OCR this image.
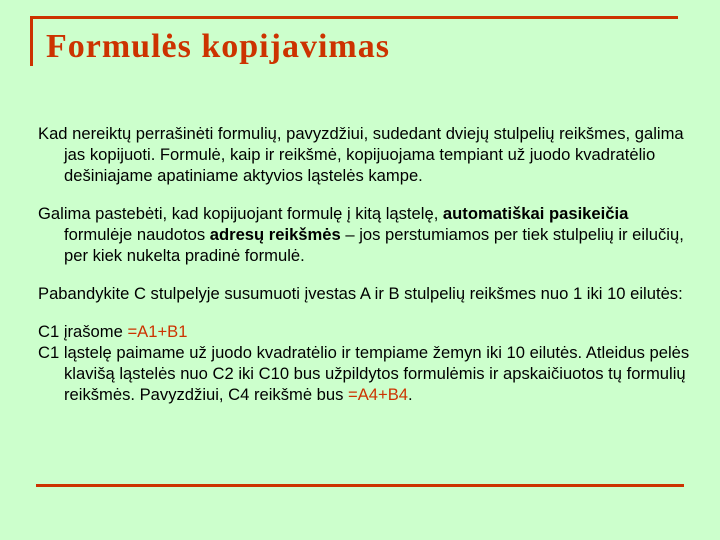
Formulės kopijavimas

Kad nereiktų perrašinėti formulių, pavyzdžiui, sudedant dviejų stulpelių reikšmes, galima jas kopijuoti. Formulė, kaip ir reikšmė, kopijuojama tempiant už juodo kvadratėlio dešiniajame apatiniame aktyvios ląstelės kampe.

Galima pastebėti, kad kopijuojant formulę į kitą ląstelę, automatiškai pasikeičia formulėje naudotos adresų reikšmės – jos perstumiamos per tiek stulpelių ir eilučių, per kiek nukelta pradinė formulė.

Pabandykite C stulpelyje susumuoti įvestas A ir B stulpelių reikšmes nuo 1 iki 10 eilutės:

C1 įrašome =A1+B1

C1 ląstelę paimame už juodo kvadratėlio ir tempiame žemyn iki 10 eilutės. Atleidus pelės klavišą ląstelės nuo C2 iki C10 bus užpildytos formulėmis ir apskaičiuotos tų formulių reikšmės. Pavyzdžiui, C4 reikšmė bus =A4+B4.
